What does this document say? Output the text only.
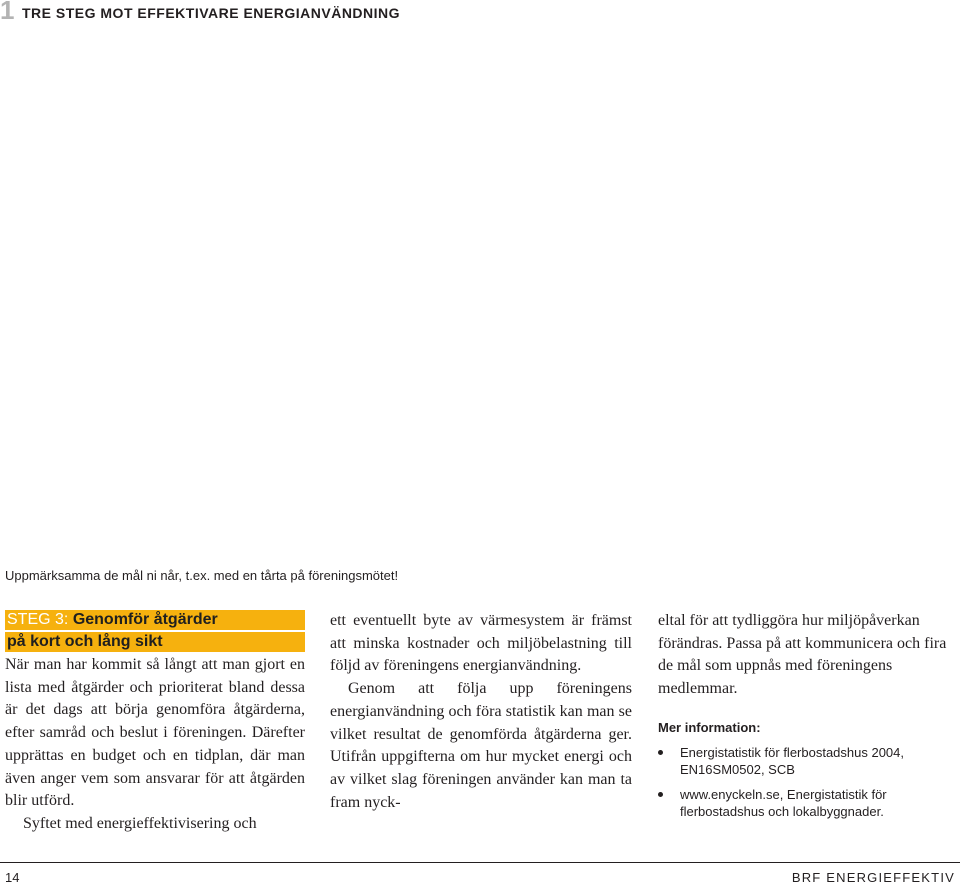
1 TRE STEG MOT EFFEKTIVARE ENERGIANVÄNDNING
Uppmärksamma de mål ni når, t.ex. med en tårta på föreningsmötet!
STEG 3: Genomför åtgärder
på kort och lång sikt

När man har kommit så långt att man gjort en lista med åtgärder och prioriterat bland dessa är det dags att börja genomföra åtgärderna, efter samråd och beslut i föreningen. Därefter upprättas en budget och en tidplan, där man även anger vem som ansvarar för att åtgärden blir utförd.

Syftet med energieffektivisering och

ett eventuellt byte av värmesystem är främst att minska kostnader och miljöbelastning till följd av föreningens energianvändning.

Genom att följa upp föreningens energianvändning och föra statistik kan man se vilket resultat de genomförda åtgärderna ger. Utifrån uppgifterna om hur mycket energi och av vilket slag föreningen använder kan man ta fram nyck-

eltal för att tydliggöra hur miljöpåverkan förändras. Passa på att kommunicera och fira de mål som uppnås med föreningens medlemmar.

Mer information:
Energistatistik för flerbostadshus 2004, EN16SM0502, SCB
www.enyckeln.se, Energistatistik för flerbostadshus och lokalbyggnader.
14	BRF ENERGIEFFEKTIV
